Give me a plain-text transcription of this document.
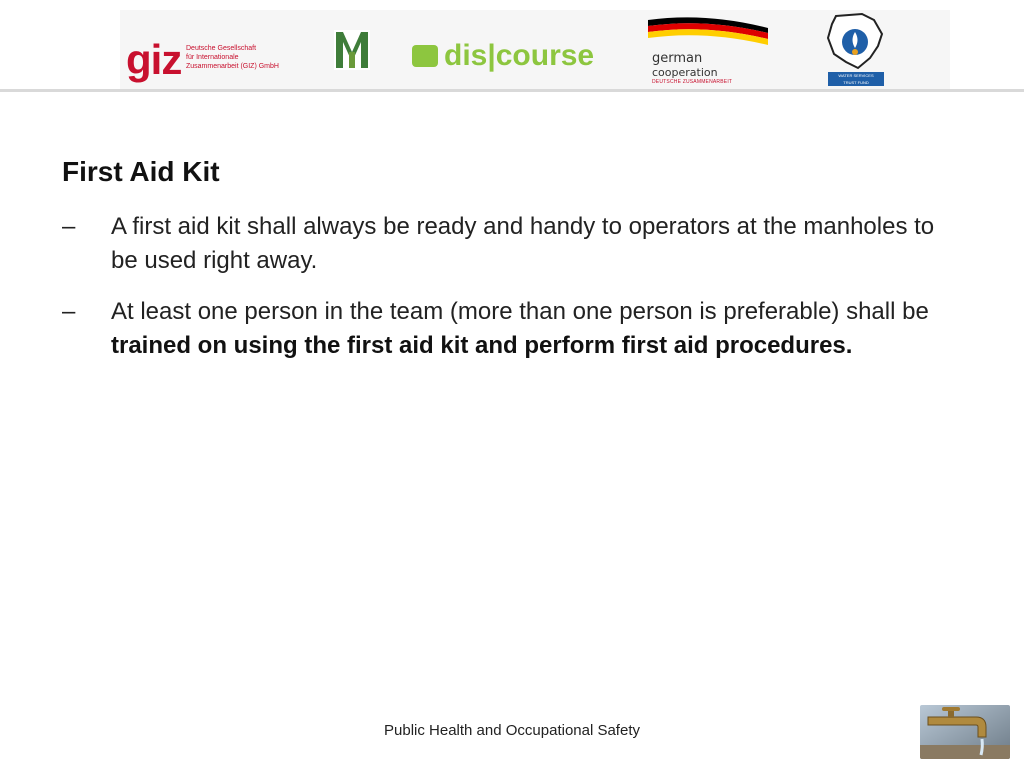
giz Deutsche Gesellschaft
für Internationale
Zusammenarbeit (GIZ) GmbH	dis|course	german
cooperation
DEUTSCHE ZUSAMMENARBEIT
WATER SERVICES
TRUST FUND
First Aid Kit
– A first aid kit shall always be ready and handy to operators at the manholes to be used right away.
– At least one person in the team (more than one person is preferable) shall be trained on using the first aid kit and perform first aid procedures.
Public Health and Occupational Safety
